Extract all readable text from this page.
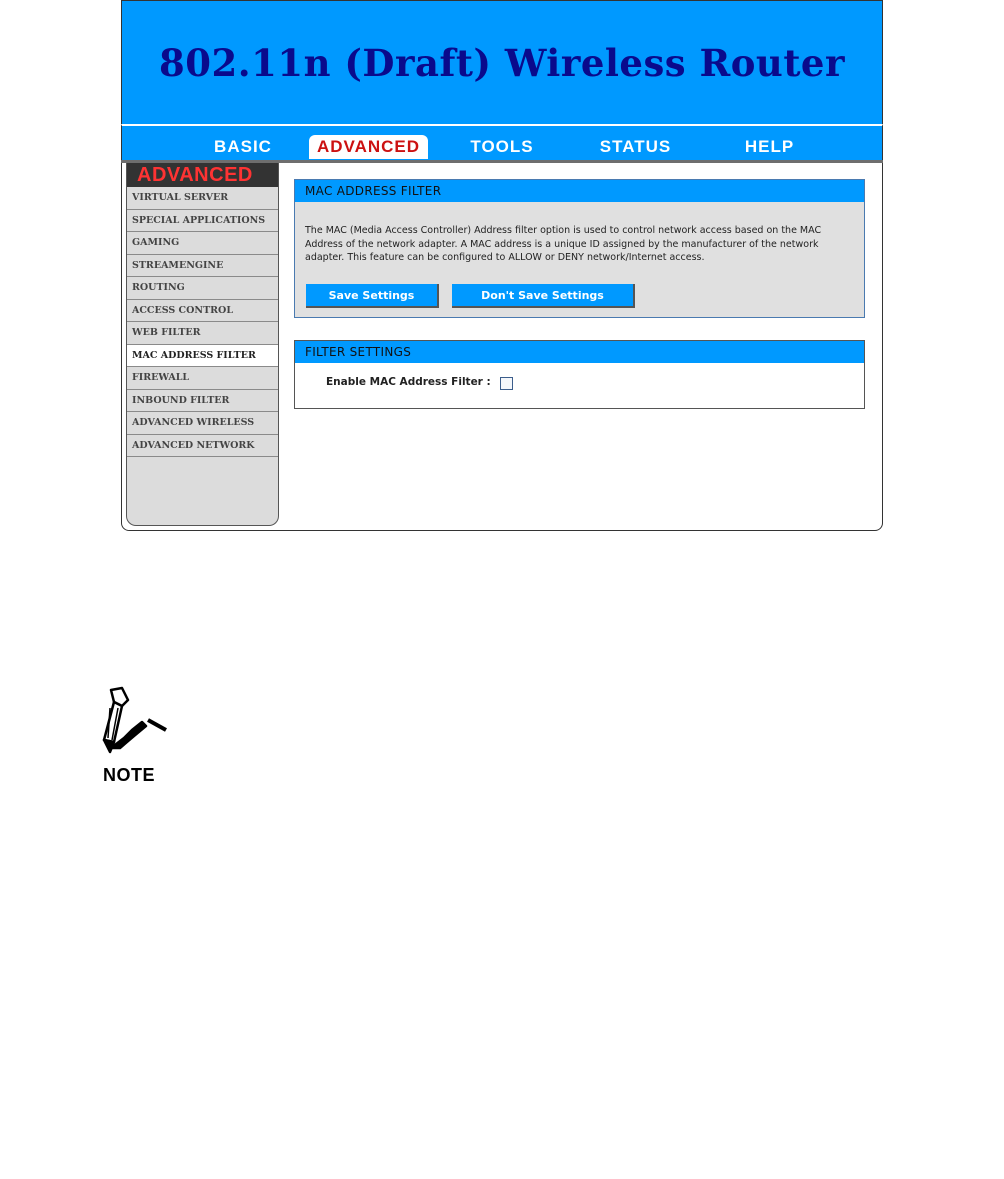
802.11n (Draft) Wireless Router
BASIC	ADVANCED	TOOLS	STATUS	HELP
ADVANCED
VIRTUAL SERVER
SPECIAL APPLICATIONS
GAMING
STREAMENGINE
ROUTING
ACCESS CONTROL
WEB FILTER
MAC ADDRESS FILTER
FIREWALL
INBOUND FILTER
ADVANCED WIRELESS
ADVANCED NETWORK
MAC ADDRESS FILTER
The MAC (Media Access Controller) Address filter option is used to control network access based on the MAC Address of the network adapter. A MAC address is a unique ID assigned by the manufacturer of the network adapter. This feature can be configured to ALLOW or DENY network/Internet access.
Save Settings	Don't Save Settings
FILTER SETTINGS
Enable MAC Address Filter :
NOTE
